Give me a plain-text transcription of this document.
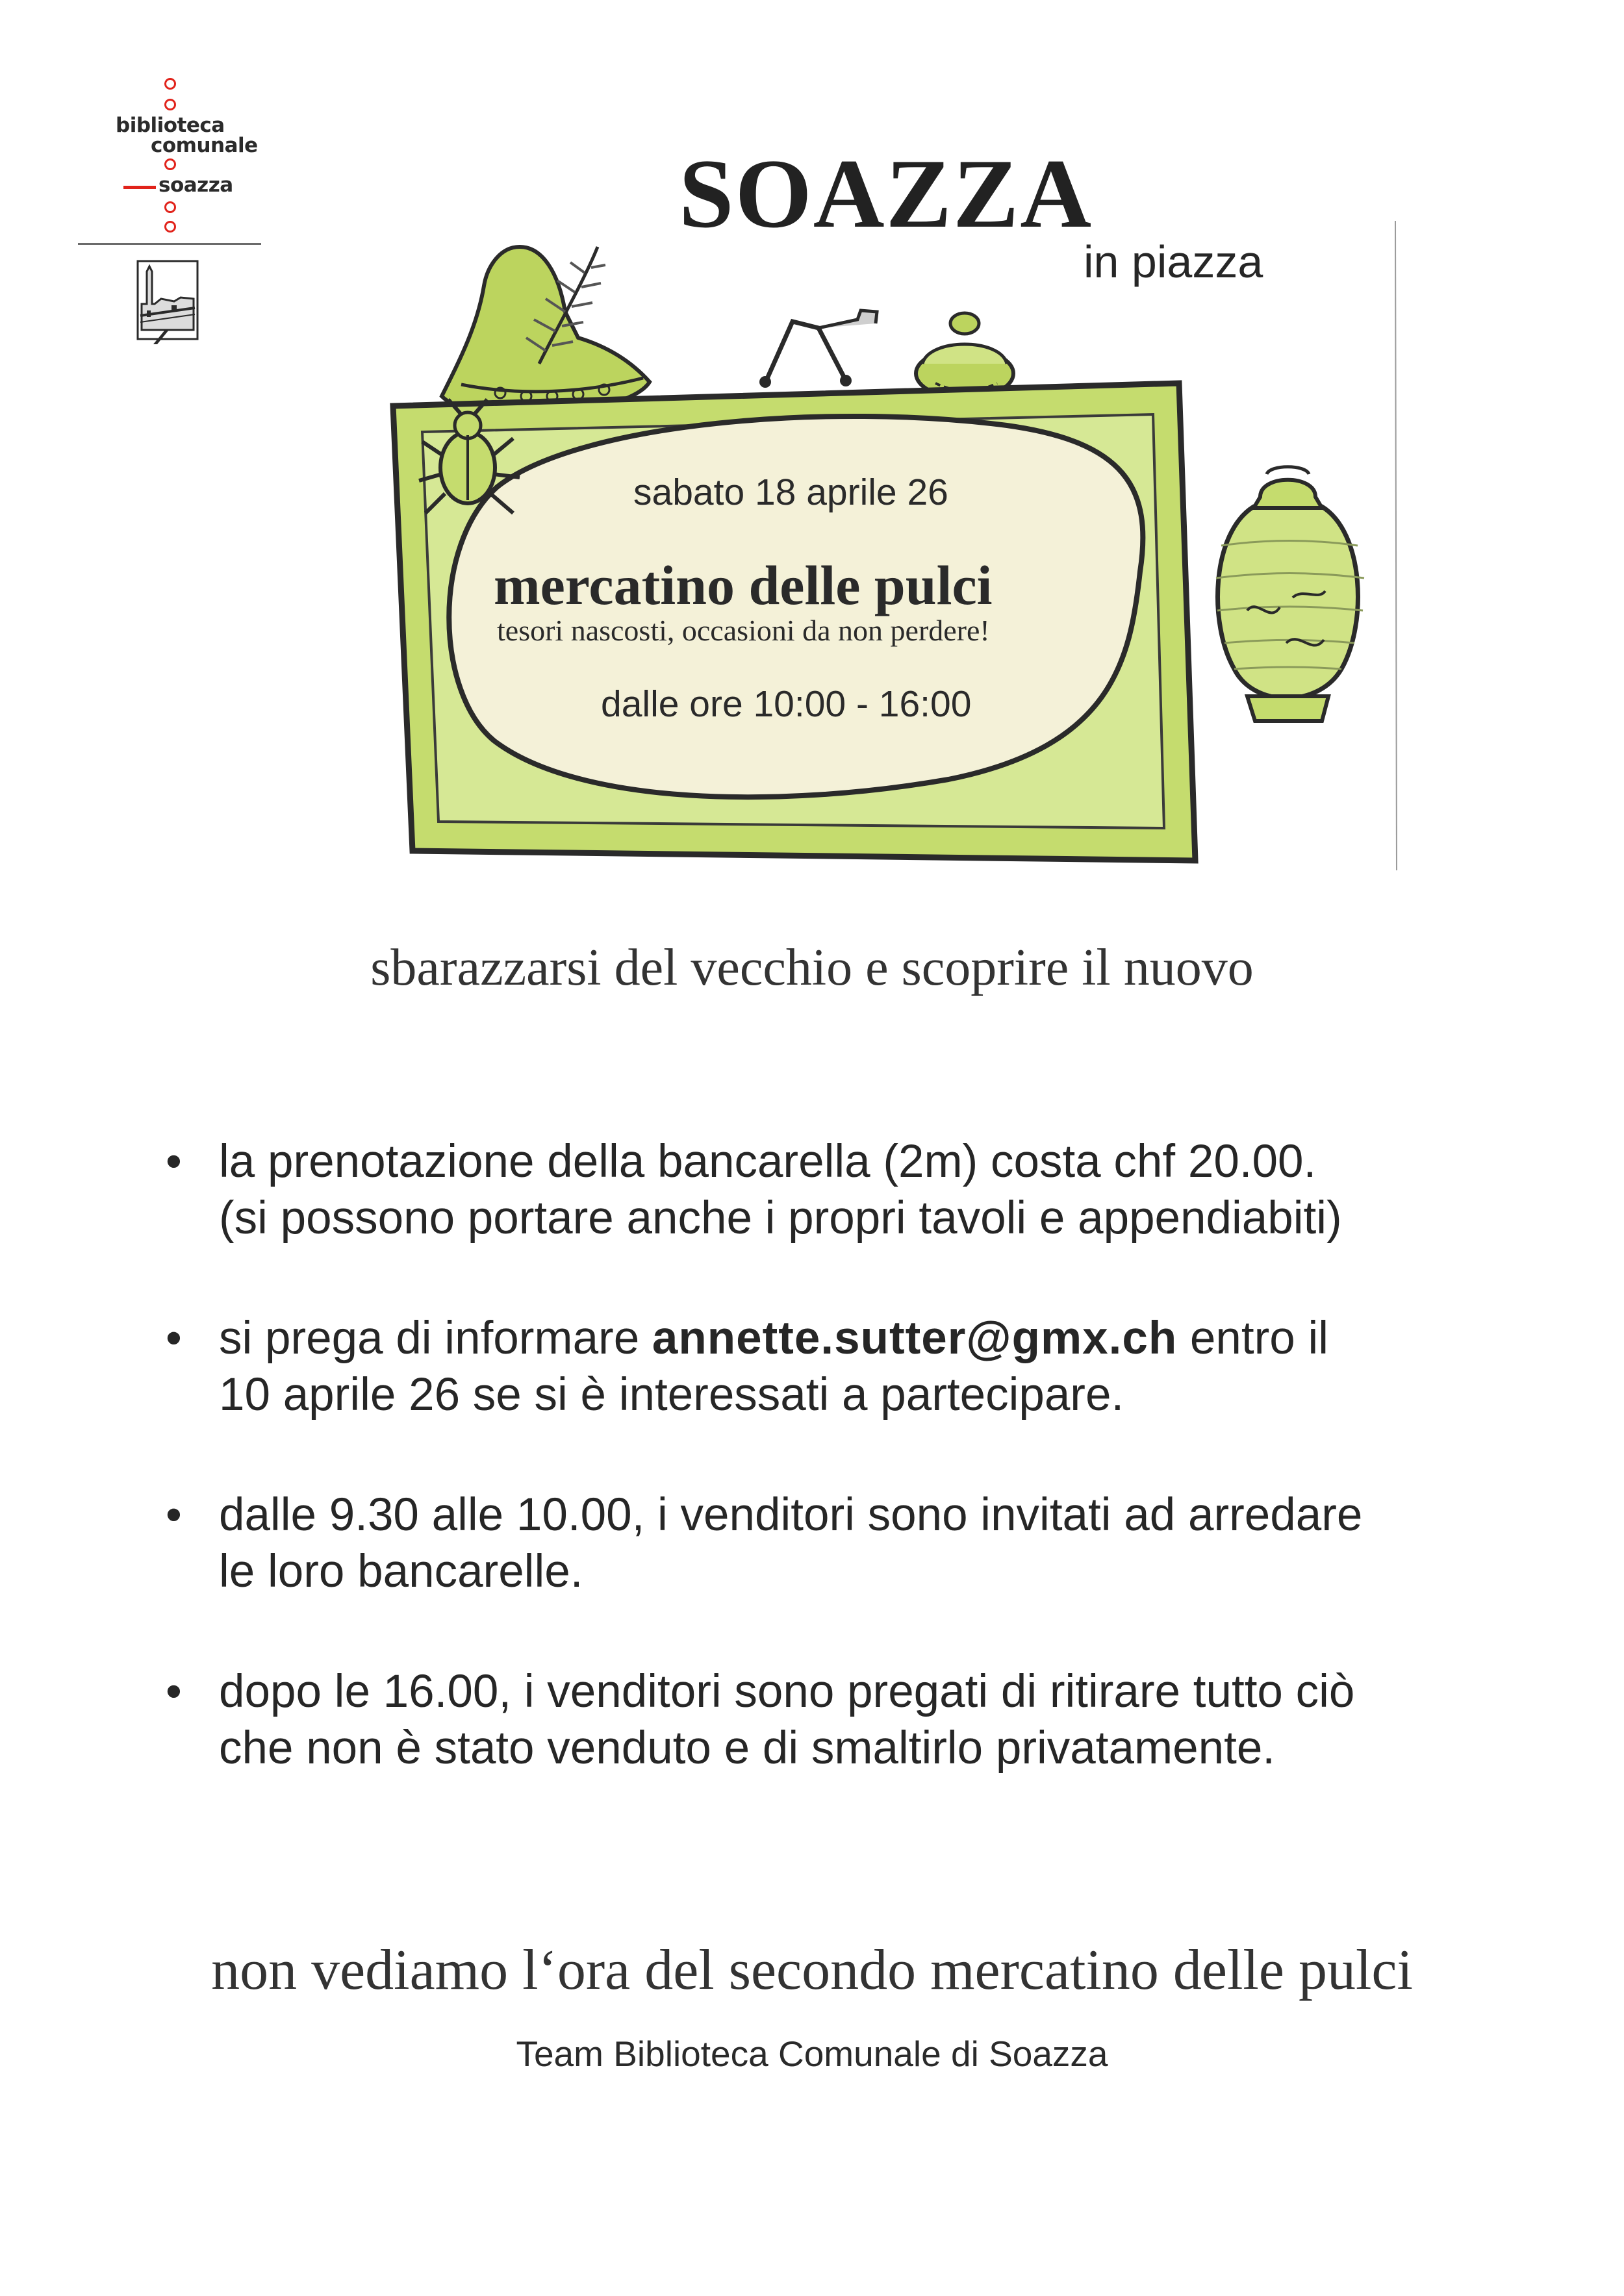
biblioteca
comunale
soazza	SOAZZA
in piazza
sabato 18 aprile 26
mercatino delle pulci
tesori nascosti, occasioni da non perdere!
dalle ore 10:00 - 16:00
sbarazzarsi del vecchio e scoprire il nuovo
• la prenotazione della bancarella (2m) costa chf 20.00.
(si possono portare anche i propri tavoli e appendiabiti)
• si prega di informare annette.sutter@gmx.ch entro il
10 aprile 26 se si è interessati a partecipare.
• dalle 9.30 alle 10.00, i venditori sono invitati ad arredare
le loro bancarelle.
• dopo le 16.00, i venditori sono pregati di ritirare tutto ciò
che non è stato venduto e di smaltirlo privatamente.
non vediamo l‘ora del secondo mercatino delle pulci
Team Biblioteca Comunale di Soazza
